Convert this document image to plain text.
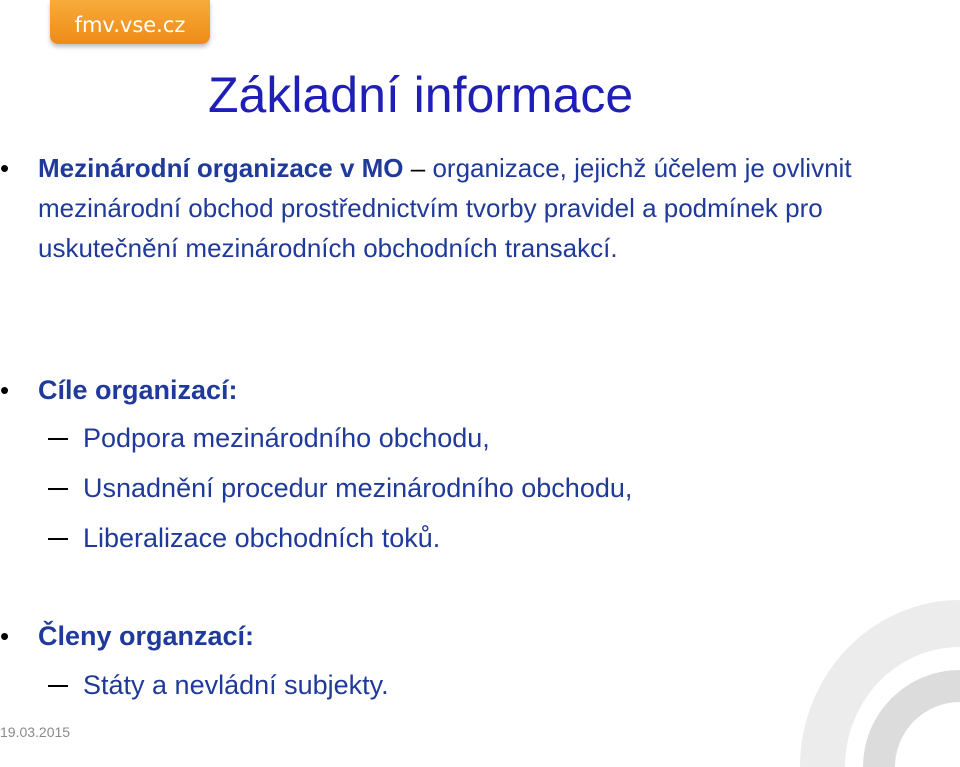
fmv.vse.cz
Základní informace
• Mezinárodní organizace v MO – organizace, jejichž účelem je ovlivnit mezinárodní obchod prostřednictvím tvorby pravidel a podmínek pro uskutečnění mezinárodních obchodních transakcí.

• Cíle organizací:

Podpora mezinárodního obchodu,

Usnadnění procedur mezinárodního obchodu,

Liberalizace obchodních toků.

• Členy organzací:

Státy a nevládní subjekty.

19.03.2015
